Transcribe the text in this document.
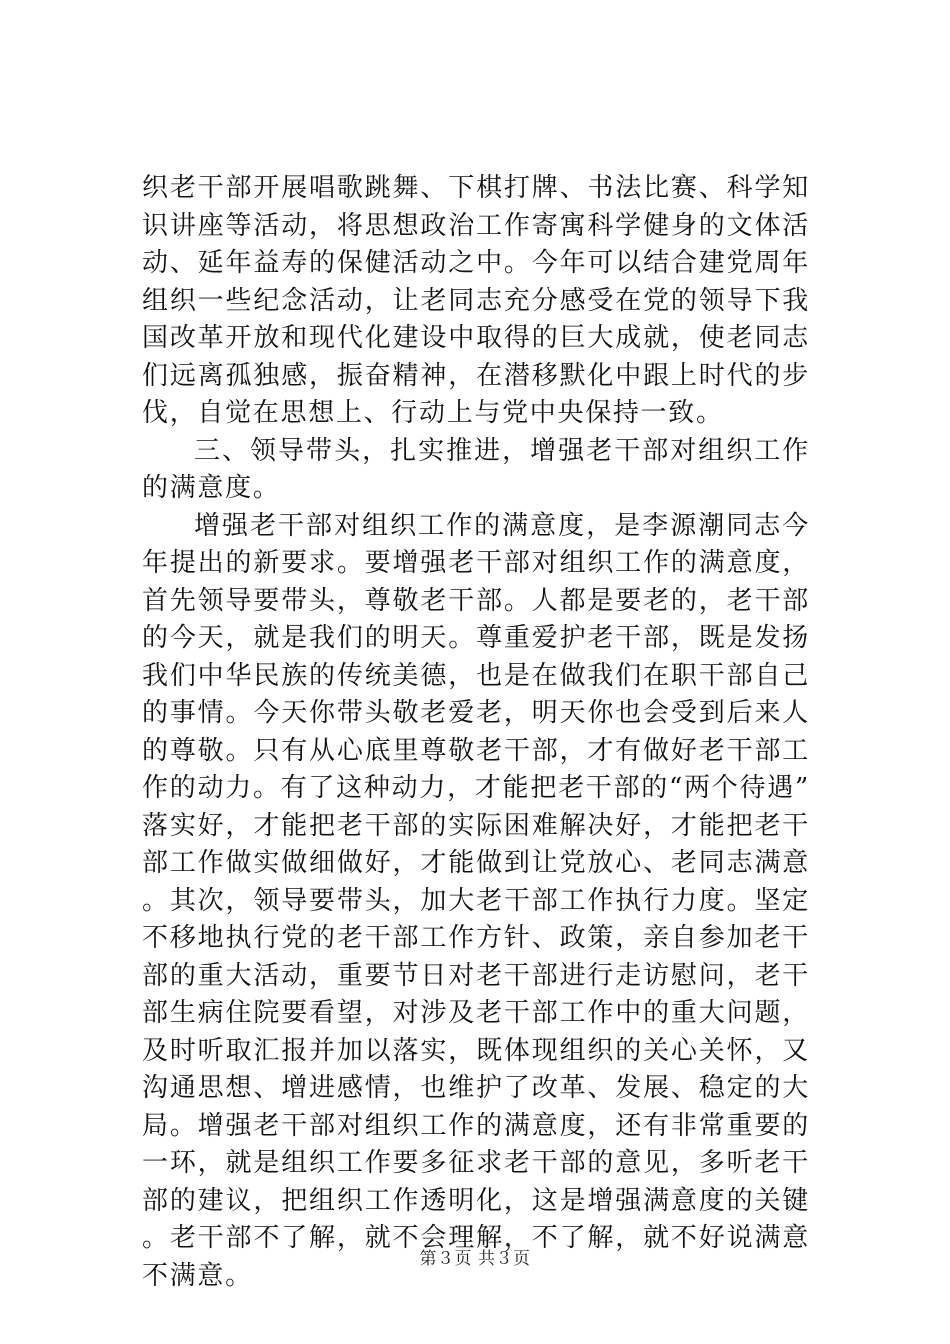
织老干部开展唱歌跳舞、下棋打牌、书法比赛、科学知识讲座等活动，将思想政治工作寄寓科学健身的文体活动、延年益寿的保健活动之中。今年可以结合建党周年组织一些纪念活动，让老同志充分感受在党的领导下我国改革开放和现代化建设中取得的巨大成就，使老同志们远离孤独感，振奋精神，在潜移默化中跟上时代的步伐，自觉在思想上、行动上与党中央保持一致。

三、领导带头，扎实推进，增强老干部对组织工作的满意度。

增强老干部对组织工作的满意度，是李源潮同志今年提出的新要求。要增强老干部对组织工作的满意度，首先领导要带头，尊敬老干部。人都是要老的，老干部的今天，就是我们的明天。尊重爱护老干部，既是发扬我们中华民族的传统美德，也是在做我们在职干部自己的事情。今天你带头敬老爱老，明天你也会受到后来人的尊敬。只有从心底里尊敬老干部，才有做好老干部工作的动力。有了这种动力，才能把老干部的“两个待遇”落实好，才能把老干部的实际困难解决好，才能把老干部工作做实做细做好，才能做到让党放心、老同志满意。其次，领导要带头，加大老干部工作执行力度。坚定不移地执行党的老干部工作方针、政策，亲自参加老干部的重大活动，重要节日对老干部进行走访慰问，老干部生病住院要看望，对涉及老干部工作中的重大问题，及时听取汇报并加以落实，既体现组织的关心关怀，又沟通思想、增进感情，也维护了改革、发展、稳定的大局。增强老干部对组织工作的满意度，还有非常重要的一环，就是组织工作要多征求老干部的意见，多听老干部的建议，把组织工作透明化，这是增强满意度的关键。老干部不了解，就不会理解，不了解，就不好说满意不满意。

第３页 共３页
